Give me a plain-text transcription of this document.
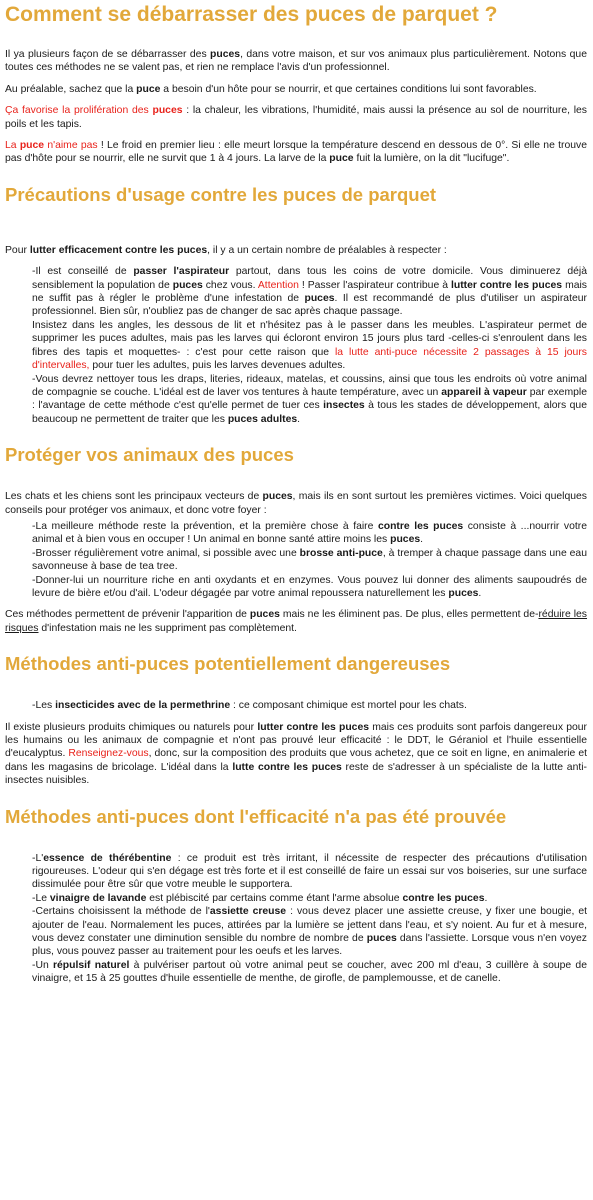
Comment se débarrasser des puces de parquet ?

Il ya plusieurs façon de se débarrasser des puces, dans votre maison, et sur vos animaux plus particulièrement. Notons que toutes ces méthodes ne se valent pas, et rien ne remplace l'avis d'un professionnel.

Au préalable, sachez que la puce a besoin d'un hôte pour se nourrir, et que certaines conditions lui sont favorables.

Ça favorise la prolifération des puces : la chaleur, les vibrations, l'humidité, mais aussi la présence au sol de nourriture, les poils et les tapis.

La puce n'aime pas ! Le froid en premier lieu : elle meurt lorsque la température descend en dessous de 0°. Si elle ne trouve pas d'hôte pour se nourrir, elle ne survit que 1 à 4 jours. La larve de la puce fuit la lumière, on la dit "lucifuge".

Précautions d'usage contre les puces de parquet

Pour lutter efficacement contre les puces, il y a un certain nombre de préalables à respecter :

-Il est conseillé de passer l'aspirateur partout, dans tous les coins de votre domicile. Vous diminuerez déjà sensiblement la population de puces chez vous. Attention ! Passer l'aspirateur contribue à lutter contre les puces mais ne suffit pas à régler le problème d'une infestation de puces. Il est recommandé de plus d'utiliser un aspirateur professionnel. Bien sûr, n'oubliez pas de changer de sac après chaque passage.
Insistez dans les angles, les dessous de lit et n'hésitez pas à le passer dans les meubles. L'aspirateur permet de supprimer les puces adultes, mais pas les larves qui écloront environ 15 jours plus tard -celles-ci s'enroulent dans les fibres des tapis et moquettes- : c'est pour cette raison que la lutte anti-puce nécessite 2 passages à 15 jours d'intervalles, pour tuer les adultes, puis les larves devenues adultes.
-Vous devrez nettoyer tous les draps, literies, rideaux, matelas, et coussins, ainsi que tous les endroits où votre animal de compagnie se couche. L'idéal est de laver vos tentures à haute température, avec un appareil à vapeur par exemple : l'avantage de cette méthode c'est qu'elle permet de tuer ces insectes à tous les stades de développement, alors que beaucoup ne permettent de traiter que les puces adultes.
Protéger vos animaux des puces

Les chats et les chiens sont les principaux vecteurs de puces, mais ils en sont surtout les premières victimes. Voici quelques conseils pour protéger vos animaux, et donc votre foyer :

-La meilleure méthode reste la prévention, et la première chose à faire contre les puces consiste à ...nourrir votre animal et à bien vous en occuper ! Un animal en bonne santé attire moins les puces.
-Brosser régulièrement votre animal, si possible avec une brosse anti-puce, à tremper à chaque passage dans une eau savonneuse à base de tea tree.
-Donner-lui un nourriture riche en anti oxydants et en enzymes. Vous pouvez lui donner des aliments saupoudrés de levure de bière et/ou d'ail. L'odeur dégagée par votre animal repoussera naturellement les puces.

Ces méthodes permettent de prévenir l'apparition de puces mais ne les éliminent pas. De plus, elles permettent de-réduire les risques d'infestation mais ne les suppriment pas complètement.

Méthodes anti-puces potentiellement dangereuses
-Les insecticides avec de la permethrine : ce composant chimique est mortel pour les chats.

Il existe plusieurs produits chimiques ou naturels pour lutter contre les puces mais ces produits sont parfois dangereux pour les humains ou les animaux de compagnie et n'ont pas prouvé leur efficacité : le DDT, le Géraniol et l'huile essentielle d'eucalyptus. Renseignez-vous, donc, sur la composition des produits que vous achetez, que ce soit en ligne, en animalerie et dans les magasins de bricolage. L'idéal dans la lutte contre les puces reste de s'adresser à un spécialiste de la lutte anti-insectes nuisibles.

Méthodes anti-puces dont l'efficacité n'a pas été prouvée
-L'essence de thérébentine : ce produit est très irritant, il nécessite de respecter des précautions d'utilisation rigoureuses. L'odeur qui s'en dégage est très forte et il est conseillé de faire un essai sur vos boiseries, sur une surface dissimulée pour être sûr que votre meuble le supportera.
-Le vinaigre de lavande est plébiscité par certains comme étant l'arme absolue contre les puces.
-Certains choisissent la méthode de l'assiette creuse : vous devez placer une assiette creuse, y fixer une bougie, et ajouter de l'eau. Normalement les puces, attirées par la lumière se jettent dans l'eau, et s'y noient. Au fur et à mesure, vous devez constater une diminution sensible du nombre de nombre de puces dans l'assiette. Lorsque vous n'en voyez plus, vous pouvez passer au traitement pour les oeufs et les larves.
-Un répulsif naturel à pulvériser partout où votre animal peut se coucher, avec 200 ml d'eau, 3 cuillère à soupe de vinaigre, et 15 à 25 gouttes d'huile essentielle de menthe, de girofle, de pamplemousse, et de canelle.
